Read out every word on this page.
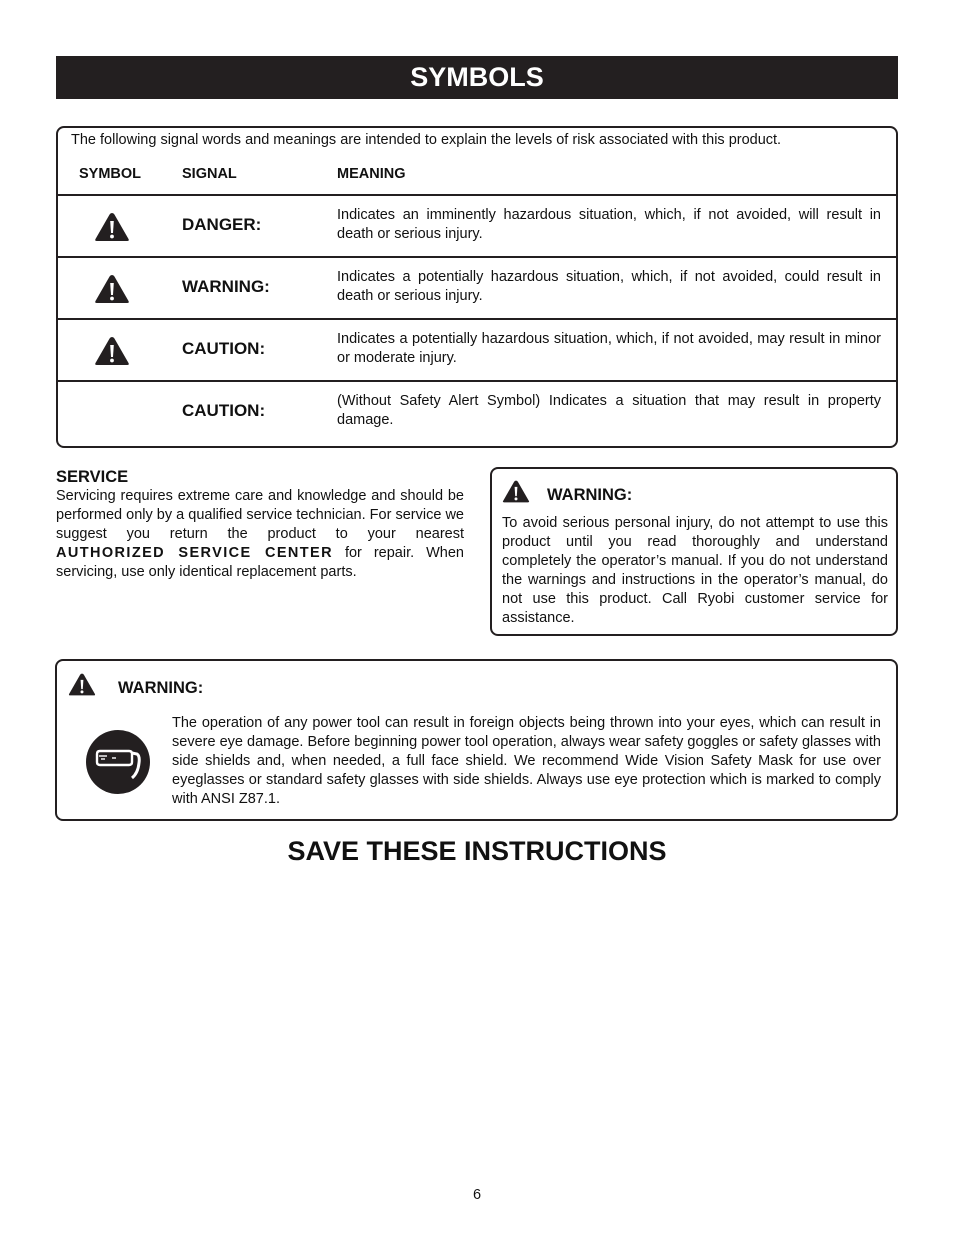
SYMBOLS
The following signal words and meanings are intended to explain the levels of risk associated with this product.
SYMBOL	SIGNAL	MEANING
DANGER:	Indicates an imminently hazardous situation, which, if not avoided, will result in death or serious injury.
WARNING:	Indicates a potentially hazardous situation, which, if not avoided, could result in death or serious injury.
CAUTION:	Indicates a potentially hazardous situation, which, if not avoided, may result in minor or moderate injury.
CAUTION:	(Without Safety Alert Symbol) Indicates a situation that may result in property damage.
SERVICE

Servicing requires extreme care and knowledge and should be performed only by a qualified service technician. For service we suggest you return the product to your nearest AUTHORIZED SERVICE CENTER for repair. When servicing, use only identical replacement parts.

WARNING:
To avoid serious personal injury, do not attempt to use this product until you read thoroughly and understand completely the operator’s manual. If you do not understand the warnings and instructions in the operator’s manual, do not use this product. Call Ryobi customer service for assistance.
WARNING:
The operation of any power tool can result in foreign objects being thrown into your eyes, which can result in severe eye damage. Before beginning power tool operation, always wear safety goggles or safety glasses with side shields and, when needed, a full face shield. We recommend Wide Vision Safety Mask for use over eyeglasses or standard safety glasses with side shields. Always use eye protection which is marked to comply with ANSI Z87.1.
SAVE THESE INSTRUCTIONS
6
